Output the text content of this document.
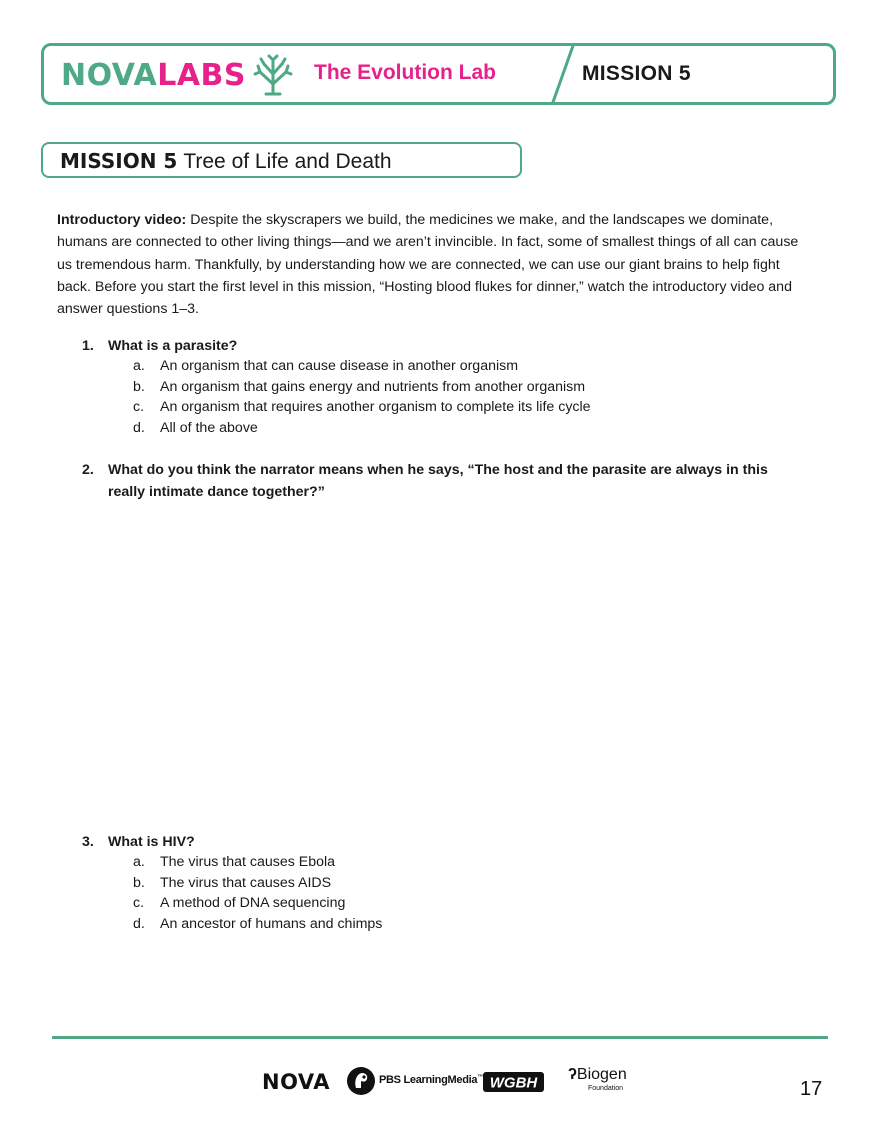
NOVA LABS	The Evolution Lab	MISSION 5
MISSION 5 Tree of Life and Death

Introductory video: Despite the skyscrapers we build, the medicines we make, and the landscapes we dominate, humans are connected to other living things—and we aren’t invincible. In fact, some of smallest things of all can cause us tremendous harm. Thankfully, by understanding how we are connected, we can use our giant brains to help fight back. Before you start the first level in this mission, “Hosting blood flukes for dinner,” watch the introductory video and answer questions 1–3.

1. What is a parasite?
a.	An organism that can cause disease in another organism
b.	An organism that gains energy and nutrients from another organism
c.	An organism that requires another organism to complete its life cycle
d.	All of the above
2. What do you think the narrator means when he says, “The host and the parasite are always in this
really intimate dance together?”
3. What is HIV?
a.	The virus that causes Ebola
b.	The virus that causes AIDS
c.	A method of DNA sequencing
d.	An ancestor of humans and chimps
NOVA	PBS LearningMedia™ WGBH ʔBiogen
Foundation	17
